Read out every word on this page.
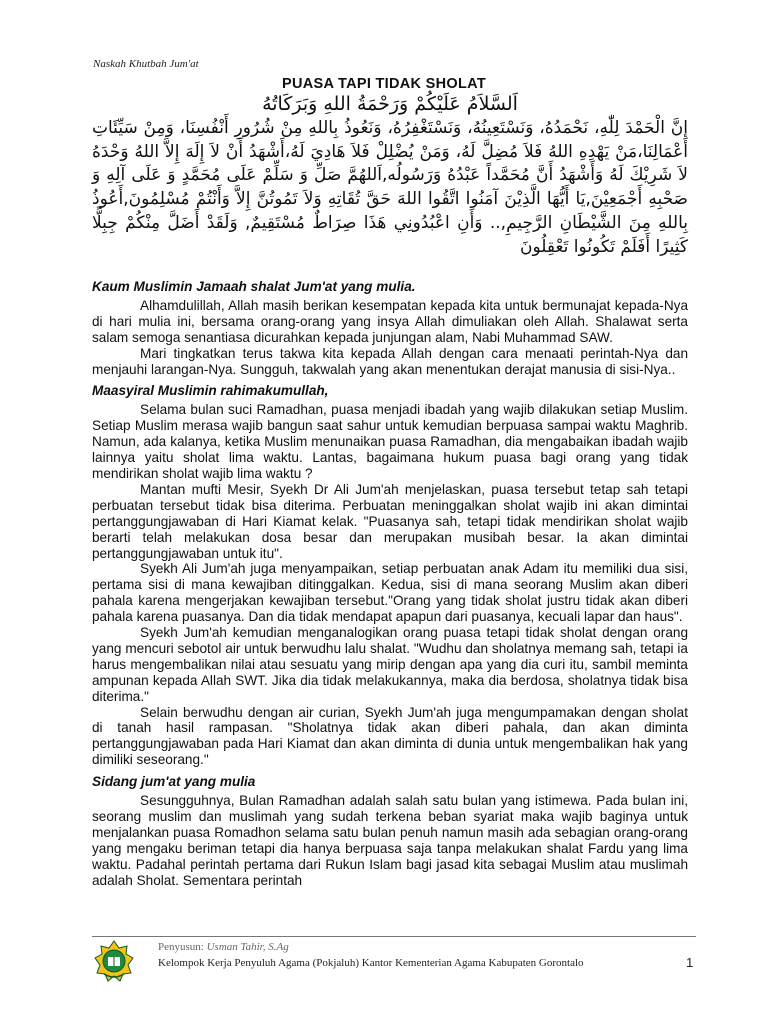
Naskah Khutbah Jum'at
PUASA TAPI TIDAK SHOLAT
اَلسَّلاَمُ عَلَيْكُمْ وَرَحْمَةُ اللهِ وَبَرَكَاتُهُ
إنَّ الْحَمْدَ لِلّٰهِ، نَحْمَدُهُ، وَنَسْتَعِينُهُ، وَنَسْتَغْفِرُهُ، وَنَعُوذُ بِاللهِ مِنْ شُرُورِ أَنْفُسِنَا، وَمِنْ سَيِّئَاتِ أَعْمَالِنَا،مَنْ يَهْدِهِ اللهُ فَلاَ مُضِلَّ لَهُ، وَمَنْ يُضْلِلْ فَلاَ هَادِيَ لَهُ،أَشْهَدُ أَنْ لاَ إِلَهَ إِلاَّ اللهُ وَحْدَهُ لاَ شَرِيْكَ لَهُ وَأَشْهَدُ أَنَّ مُحَمَّداً عَبْدُهُ وَرَسُولُه,اَللهُمَّ صَلِّ وَ سَلِّمْ عَلَى مُحَمَّدٍ وَ عَلَى آلِهِ وَ صَحْبِهِ أَجْمَعِيْنَ,يَا أَيُّهَا الَّذِيْنَ آمَنُوا اتَّقُوا اللهَ حَقَّ تُقَاتِهِ وَلاَ تَمُوتُنَّ إِلاَّ وَأَنْتُمْ مُسْلِمُونَ,أَعُوذُ بِاللهِ مِنَ الشَّيْطَانِ الرَّجِيمِ,.. وَأَنِ اعْبُدُونِي هَذَا صِرَاطٌ مُسْتَقِيمٌ, وَلَقَدْ أَضَلَّ مِنْكُمْ جِبِلًّا كَثِيرًا أَفَلَمْ تَكُونُوا تَعْقِلُونَ
Kaum Muslimin Jamaah shalat Jum'at yang mulia.

Alhamdulillah, Allah masih berikan kesempatan kepada kita untuk bermunajat kepada-Nya di hari mulia ini, bersama orang-orang yang insya Allah dimuliakan oleh Allah. Shalawat serta salam semoga senantiasa dicurahkan kepada junjungan alam, Nabi Muhammad SAW.

Mari tingkatkan terus takwa kita kepada Allah dengan cara menaati perintah-Nya dan menjauhi larangan-Nya. Sungguh, takwalah yang akan menentukan derajat manusia di sisi-Nya..

Maasyiral Muslimin rahimakumullah,

Selama bulan suci Ramadhan, puasa menjadi ibadah yang wajib dilakukan setiap Muslim. Setiap Muslim merasa wajib bangun saat sahur untuk kemudian berpuasa sampai waktu Maghrib. Namun, ada kalanya, ketika Muslim menunaikan puasa Ramadhan, dia mengabaikan ibadah wajib lainnya yaitu sholat lima waktu. Lantas, bagaimana hukum puasa bagi orang yang tidak mendirikan sholat wajib lima waktu ?

Mantan mufti Mesir, Syekh Dr Ali Jum'ah menjelaskan, puasa tersebut tetap sah tetapi perbuatan tersebut tidak bisa diterima. Perbuatan meninggalkan sholat wajib ini akan dimintai pertanggungjawaban di Hari Kiamat kelak. "Puasanya sah, tetapi tidak mendirikan sholat wajib berarti telah melakukan dosa besar dan merupakan musibah besar. Ia akan dimintai pertanggungjawaban untuk itu".

Syekh Ali Jum'ah juga menyampaikan, setiap perbuatan anak Adam itu memiliki dua sisi, pertama sisi di mana kewajiban ditinggalkan. Kedua, sisi di mana seorang Muslim akan diberi pahala karena mengerjakan kewajiban tersebut."Orang yang tidak sholat justru tidak akan diberi pahala karena puasanya. Dan dia tidak mendapat apapun dari puasanya, kecuali lapar dan haus".

Syekh Jum'ah kemudian menganalogikan orang puasa tetapi tidak sholat dengan orang yang mencuri sebotol air untuk berwudhu lalu shalat. "Wudhu dan sholatnya memang sah, tetapi ia harus mengembalikan nilai atau sesuatu yang mirip dengan apa yang dia curi itu, sambil meminta ampunan kepada Allah SWT. Jika dia tidak melakukannya, maka dia berdosa, sholatnya tidak bisa diterima."

Selain berwudhu dengan air curian, Syekh Jum'ah juga mengumpamakan dengan sholat di tanah hasil rampasan. "Sholatnya tidak akan diberi pahala, dan akan diminta pertanggungjawaban pada Hari Kiamat dan akan diminta di dunia untuk mengembalikan hak yang dimiliki seseorang."

Sidang jum'at yang mulia

Sesungguhnya, Bulan Ramadhan adalah salah satu bulan yang istimewa. Pada bulan ini, seorang muslim dan muslimah yang sudah terkena beban syariat maka wajib baginya untuk menjalankan puasa Romadhon selama satu bulan penuh namun masih ada sebagian orang-orang yang mengaku beriman tetapi dia hanya berpuasa saja tanpa melakukan shalat Fardu yang lima waktu. Padahal perintah pertama dari Rukun Islam bagi jasad kita sebagai Muslim atau muslimah adalah Sholat. Sementara perintah

Penyusun: Usman Tahir, S.Ag
Kelompok Kerja Penyuluh Agama (Pokjaluh) Kantor Kementerian Agama Kabupaten Gorontalo	1
